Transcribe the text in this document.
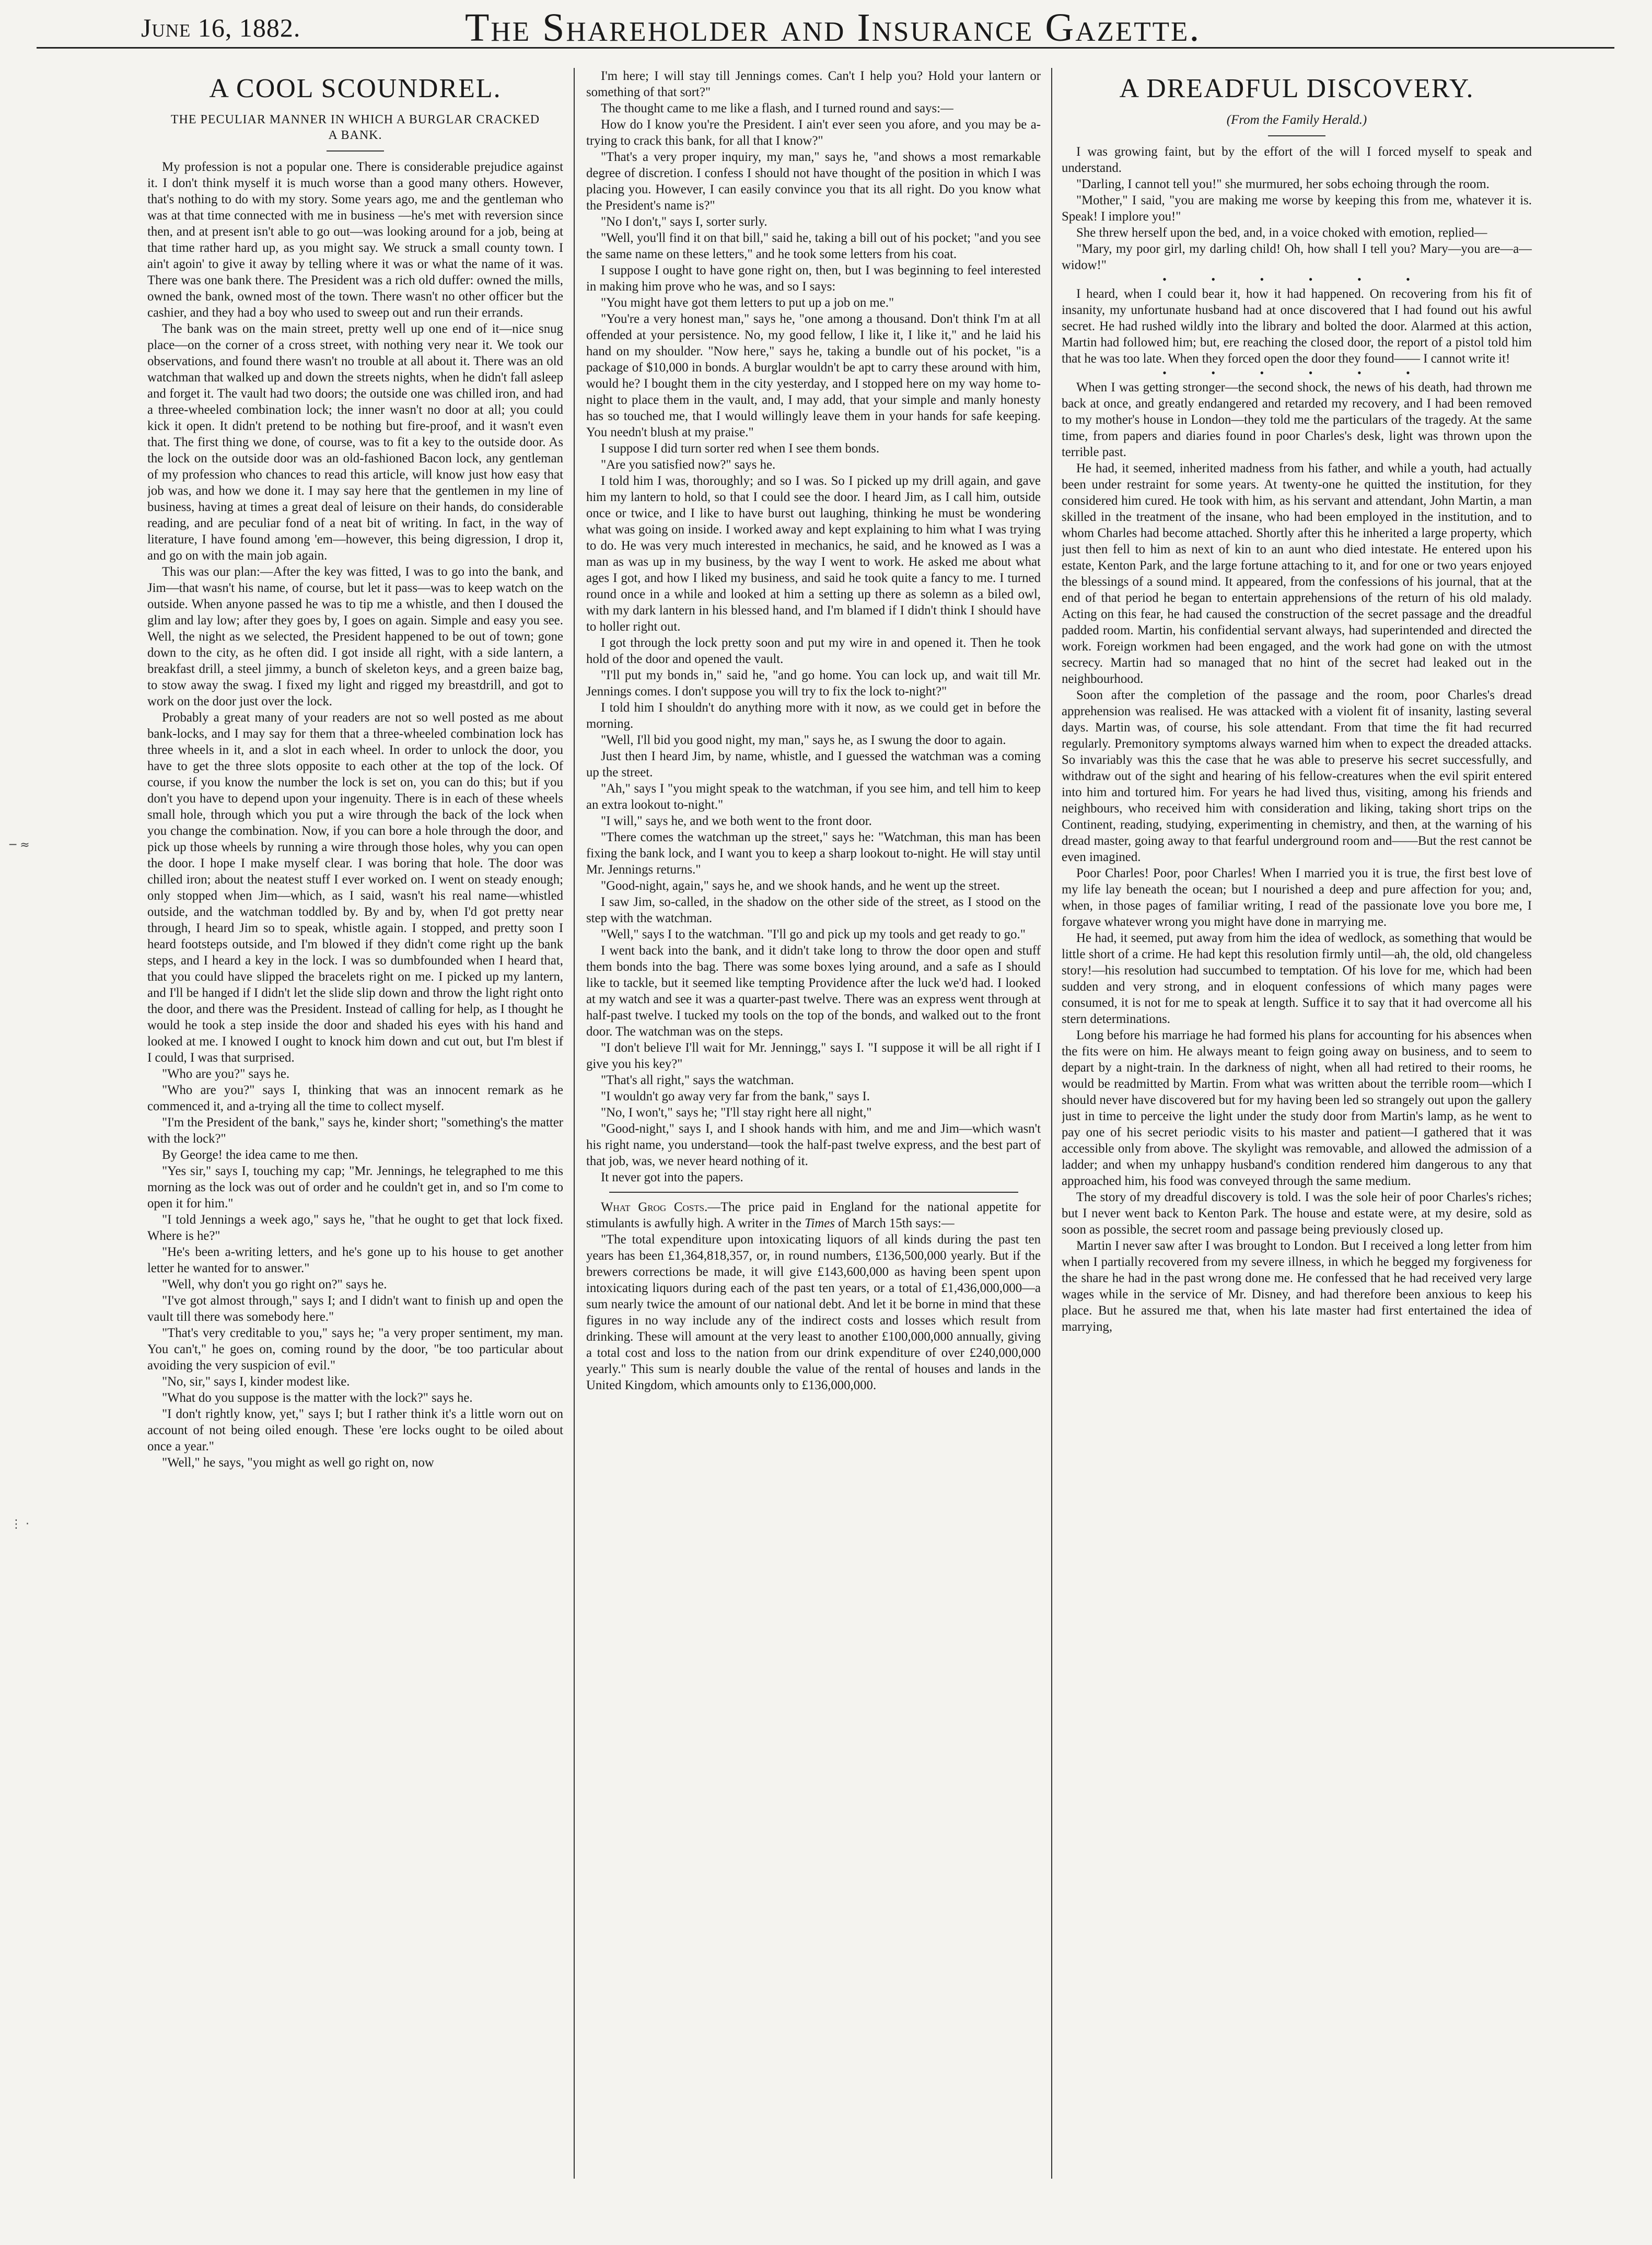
June 16, 1882.	The Shareholder and Insurance Gazette.
─ ≈
⋮ ·
A COOL SCOUNDREL.
THE PECULIAR MANNER IN WHICH A BURGLAR CRACKED A BANK.

My profession is not a popular one. There is considerable prejudice against it. I don't think myself it is much worse than a good many others. However, that's nothing to do with my story. Some years ago, me and the gentleman who was at that time connected with me in business —he's met with reversion since then, and at present isn't able to go out—was looking around for a job, being at that time rather hard up, as you might say. We struck a small county town. I ain't agoin' to give it away by telling where it was or what the name of it was. There was one bank there. The President was a rich old duffer: owned the mills, owned the bank, owned most of the town. There wasn't no other officer but the cashier, and they had a boy who used to sweep out and run their errands.

The bank was on the main street, pretty well up one end of it—nice snug place—on the corner of a cross street, with nothing very near it. We took our observations, and found there wasn't no trouble at all about it. There was an old watchman that walked up and down the streets nights, when he didn't fall asleep and forget it. The vault had two doors; the outside one was chilled iron, and had a three-wheeled combination lock; the inner wasn't no door at all; you could kick it open. It didn't pretend to be nothing but fire-proof, and it wasn't even that. The first thing we done, of course, was to fit a key to the outside door. As the lock on the outside door was an old-fashioned Bacon lock, any gentleman of my profession who chances to read this article, will know just how easy that job was, and how we done it. I may say here that the gentlemen in my line of business, having at times a great deal of leisure on their hands, do considerable reading, and are peculiar fond of a neat bit of writing. In fact, in the way of literature, I have found among 'em—however, this being digression, I drop it, and go on with the main job again.

This was our plan:—After the key was fitted, I was to go into the bank, and Jim—that wasn't his name, of course, but let it pass—was to keep watch on the outside. When anyone passed he was to tip me a whistle, and then I doused the glim and lay low; after they goes by, I goes on again. Simple and easy you see. Well, the night as we selected, the President happened to be out of town; gone down to the city, as he often did. I got inside all right, with a side lantern, a breakfast drill, a steel jimmy, a bunch of skeleton keys, and a green baize bag, to stow away the swag. I fixed my light and rigged my breastdrill, and got to work on the door just over the lock.

Probably a great many of your readers are not so well posted as me about bank-locks, and I may say for them that a three-wheeled combination lock has three wheels in it, and a slot in each wheel. In order to unlock the door, you have to get the three slots opposite to each other at the top of the lock. Of course, if you know the number the lock is set on, you can do this; but if you don't you have to depend upon your ingenuity. There is in each of these wheels small hole, through which you put a wire through the back of the lock when you change the combination. Now, if you can bore a hole through the door, and pick up those wheels by running a wire through those holes, why you can open the door. I hope I make myself clear. I was boring that hole. The door was chilled iron; about the neatest stuff I ever worked on. I went on steady enough; only stopped when Jim—which, as I said, wasn't his real name—whistled outside, and the watchman toddled by. By and by, when I'd got pretty near through, I heard Jim so to speak, whistle again. I stopped, and pretty soon I heard footsteps outside, and I'm blowed if they didn't come right up the bank steps, and I heard a key in the lock. I was so dumbfounded when I heard that, that you could have slipped the bracelets right on me. I picked up my lantern, and I'll be hanged if I didn't let the slide slip down and throw the light right onto the door, and there was the President. Instead of calling for help, as I thought he would he took a step inside the door and shaded his eyes with his hand and looked at me. I knowed I ought to knock him down and cut out, but I'm blest if I could, I was that surprised.

"Who are you?" says he.

"Who are you?" says I, thinking that was an innocent remark as he commenced it, and a-trying all the time to collect myself.

"I'm the President of the bank," says he, kinder short; "something's the matter with the lock?"

By George! the idea came to me then.

"Yes sir," says I, touching my cap; "Mr. Jennings, he telegraphed to me this morning as the lock was out of order and he couldn't get in, and so I'm come to open it for him."

"I told Jennings a week ago," says he, "that he ought to get that lock fixed. Where is he?"

"He's been a-writing letters, and he's gone up to his house to get another letter he wanted for to answer."

"Well, why don't you go right on?" says he.

"I've got almost through," says I; and I didn't want to finish up and open the vault till there was somebody here."

"That's very creditable to you," says he; "a very proper sentiment, my man. You can't," he goes on, coming round by the door, "be too particular about avoiding the very suspicion of evil."

"No, sir," says I, kinder modest like.

"What do you suppose is the matter with the lock?" says he.

"I don't rightly know, yet," says I; but I rather think it's a little worn out on account of not being oiled enough. These 'ere locks ought to be oiled about once a year."

"Well," he says, "you might as well go right on, now

I'm here; I will stay till Jennings comes. Can't I help you? Hold your lantern or something of that sort?"

The thought came to me like a flash, and I turned round and says:—

How do I know you're the President. I ain't ever seen you afore, and you may be a-trying to crack this bank, for all that I know?"

"That's a very proper inquiry, my man," says he, "and shows a most remarkable degree of discretion. I confess I should not have thought of the position in which I was placing you. However, I can easily convince you that its all right. Do you know what the President's name is?"

"No I don't," says I, sorter surly.

"Well, you'll find it on that bill," said he, taking a bill out of his pocket; "and you see the same name on these letters," and he took some letters from his coat.

I suppose I ought to have gone right on, then, but I was beginning to feel interested in making him prove who he was, and so I says:

"You might have got them letters to put up a job on me."

"You're a very honest man," says he, "one among a thousand. Don't think I'm at all offended at your persistence. No, my good fellow, I like it, I like it," and he laid his hand on my shoulder. "Now here," says he, taking a bundle out of his pocket, "is a package of $10,000 in bonds. A burglar wouldn't be apt to carry these around with him, would he? I bought them in the city yesterday, and I stopped here on my way home to-night to place them in the vault, and, I may add, that your simple and manly honesty has so touched me, that I would willingly leave them in your hands for safe keeping. You needn't blush at my praise."

I suppose I did turn sorter red when I see them bonds.

"Are you satisfied now?" says he.

I told him I was, thoroughly; and so I was. So I picked up my drill again, and gave him my lantern to hold, so that I could see the door. I heard Jim, as I call him, outside once or twice, and I like to have burst out laughing, thinking he must be wondering what was going on inside. I worked away and kept explaining to him what I was trying to do. He was very much interested in mechanics, he said, and he knowed as I was a man as was up in my business, by the way I went to work. He asked me about what ages I got, and how I liked my business, and said he took quite a fancy to me. I turned round once in a while and looked at him a setting up there as solemn as a biled owl, with my dark lantern in his blessed hand, and I'm blamed if I didn't think I should have to holler right out.

I got through the lock pretty soon and put my wire in and opened it. Then he took hold of the door and opened the vault.

"I'll put my bonds in," said he, "and go home. You can lock up, and wait till Mr. Jennings comes. I don't suppose you will try to fix the lock to-night?"

I told him I shouldn't do anything more with it now, as we could get in before the morning.

"Well, I'll bid you good night, my man," says he, as I swung the door to again.

Just then I heard Jim, by name, whistle, and I guessed the watchman was a coming up the street.

"Ah," says I "you might speak to the watchman, if you see him, and tell him to keep an extra lookout to-night."

"I will," says he, and we both went to the front door.

"There comes the watchman up the street," says he: "Watchman, this man has been fixing the bank lock, and I want you to keep a sharp lookout to-night. He will stay until Mr. Jennings returns."

"Good-night, again," says he, and we shook hands, and he went up the street.

I saw Jim, so-called, in the shadow on the other side of the street, as I stood on the step with the watchman.

"Well," says I to the watchman. "I'll go and pick up my tools and get ready to go."

I went back into the bank, and it didn't take long to throw the door open and stuff them bonds into the bag. There was some boxes lying around, and a safe as I should like to tackle, but it seemed like tempting Providence after the luck we'd had. I looked at my watch and see it was a quarter-past twelve. There was an express went through at half-past twelve. I tucked my tools on the top of the bonds, and walked out to the front door. The watchman was on the steps.

"I don't believe I'll wait for Mr. Jenningg," says I. "I suppose it will be all right if I give you his key?"

"That's all right," says the watchman.

"I wouldn't go away very far from the bank," says I.

"No, I won't," says he; "I'll stay right here all night,"

"Good-night," says I, and I shook hands with him, and me and Jim—which wasn't his right name, you understand—took the half-past twelve express, and the best part of that job, was, we never heard nothing of it.

It never got into the papers.

What Grog Costs.—The price paid in England for the national appetite for stimulants is awfully high. A writer in the Times of March 15th says:—

"The total expenditure upon intoxicating liquors of all kinds during the past ten years has been £1,364,818,357, or, in round numbers, £136,500,000 yearly. But if the brewers corrections be made, it will give £143,600,000 as having been spent upon intoxicating liquors during each of the past ten years, or a total of £1,436,000,000—a sum nearly twice the amount of our national debt. And let it be borne in mind that these figures in no way include any of the indirect costs and losses which result from drinking. These will amount at the very least to another £100,000,000 annually, giving a total cost and loss to the nation from our drink expenditure of over £240,000,000 yearly." This sum is nearly double the value of the rental of houses and lands in the United Kingdom, which amounts only to £136,000,000.

A DREADFUL DISCOVERY.
(From the Family Herald.)

I was growing faint, but by the effort of the will I forced myself to speak and understand.

"Darling, I cannot tell you!" she murmured, her sobs echoing through the room.

"Mother," I said, "you are making me worse by keeping this from me, whatever it is. Speak! I implore you!"

She threw herself upon the bed, and, in a voice choked with emotion, replied—

"Mary, my poor girl, my darling child! Oh, how shall I tell you? Mary—you are—a—widow!"

• • • • • •

I heard, when I could bear it, how it had happened. On recovering from his fit of insanity, my unfortunate husband had at once discovered that I had found out his awful secret. He had rushed wildly into the library and bolted the door. Alarmed at this action, Martin had followed him; but, ere reaching the closed door, the report of a pistol told him that he was too late. When they forced open the door they found—— I cannot write it!

• • • • • •

When I was getting stronger—the second shock, the news of his death, had thrown me back at once, and greatly endangered and retarded my recovery, and I had been removed to my mother's house in London—they told me the particulars of the tragedy. At the same time, from papers and diaries found in poor Charles's desk, light was thrown upon the terrible past.

He had, it seemed, inherited madness from his father, and while a youth, had actually been under restraint for some years. At twenty-one he quitted the institution, for they considered him cured. He took with him, as his servant and attendant, John Martin, a man skilled in the treatment of the insane, who had been employed in the institution, and to whom Charles had become attached. Shortly after this he inherited a large property, which just then fell to him as next of kin to an aunt who died intestate. He entered upon his estate, Kenton Park, and the large fortune attaching to it, and for one or two years enjoyed the blessings of a sound mind. It appeared, from the confessions of his journal, that at the end of that period he began to entertain apprehensions of the return of his old malady. Acting on this fear, he had caused the construction of the secret passage and the dreadful padded room. Martin, his confidential servant always, had superintended and directed the work. Foreign workmen had been engaged, and the work had gone on with the utmost secrecy. Martin had so managed that no hint of the secret had leaked out in the neighbourhood.

Soon after the completion of the passage and the room, poor Charles's dread apprehension was realised. He was attacked with a violent fit of insanity, lasting several days. Martin was, of course, his sole attendant. From that time the fit had recurred regularly. Premonitory symptoms always warned him when to expect the dreaded attacks. So invariably was this the case that he was able to preserve his secret successfully, and withdraw out of the sight and hearing of his fellow-creatures when the evil spirit entered into him and tortured him. For years he had lived thus, visiting, among his friends and neighbours, who received him with consideration and liking, taking short trips on the Continent, reading, studying, experimenting in chemistry, and then, at the warning of his dread master, going away to that fearful underground room and——But the rest cannot be even imagined.

Poor Charles! Poor, poor Charles! When I married you it is true, the first best love of my life lay beneath the ocean; but I nourished a deep and pure affection for you; and, when, in those pages of familiar writing, I read of the passionate love you bore me, I forgave whatever wrong you might have done in marrying me.

He had, it seemed, put away from him the idea of wedlock, as something that would be little short of a crime. He had kept this resolution firmly until—ah, the old, old changeless story!—his resolution had succumbed to temptation. Of his love for me, which had been sudden and very strong, and in eloquent confessions of which many pages were consumed, it is not for me to speak at length. Suffice it to say that it had overcome all his stern determinations.

Long before his marriage he had formed his plans for accounting for his absences when the fits were on him. He always meant to feign going away on business, and to seem to depart by a night-train. In the darkness of night, when all had retired to their rooms, he would be readmitted by Martin. From what was written about the terrible room—which I should never have discovered but for my having been led so strangely out upon the gallery just in time to perceive the light under the study door from Martin's lamp, as he went to pay one of his secret periodic visits to his master and patient—I gathered that it was accessible only from above. The skylight was removable, and allowed the admission of a ladder; and when my unhappy husband's condition rendered him dangerous to any that approached him, his food was conveyed through the same medium.

The story of my dreadful discovery is told. I was the sole heir of poor Charles's riches; but I never went back to Kenton Park. The house and estate were, at my desire, sold as soon as possible, the secret room and passage being previously closed up.

Martin I never saw after I was brought to London. But I received a long letter from him when I partially recovered from my severe illness, in which he begged my forgiveness for the share he had in the past wrong done me. He confessed that he had received very large wages while in the service of Mr. Disney, and had therefore been anxious to keep his place. But he assured me that, when his late master had first entertained the idea of marrying,
